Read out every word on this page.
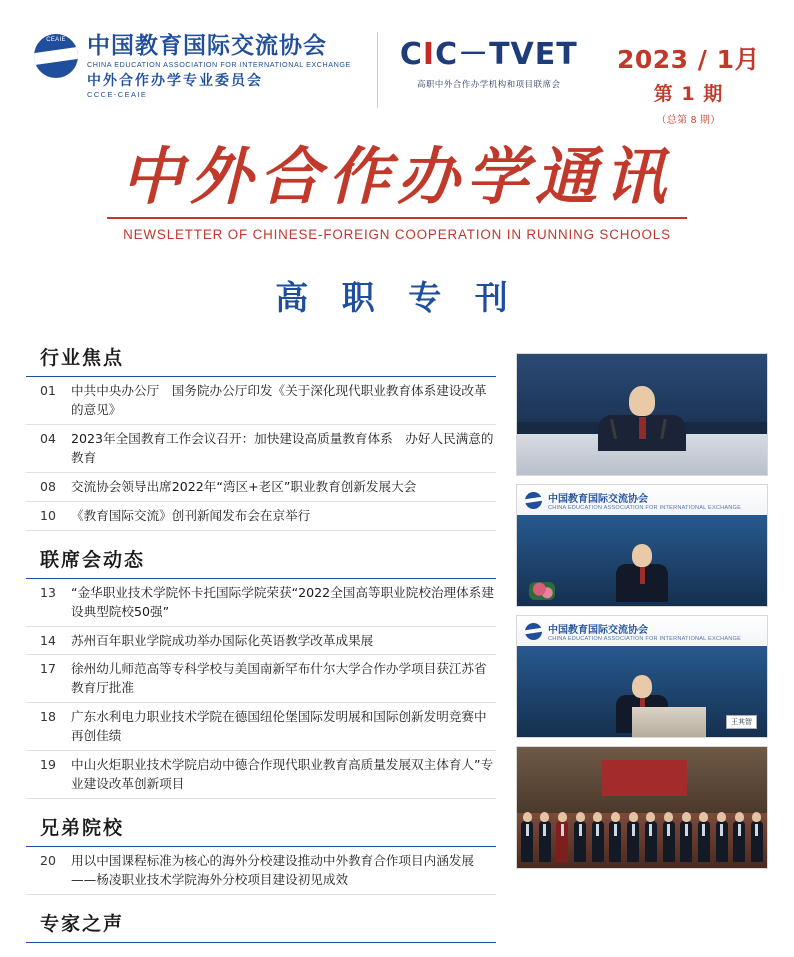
CEAIE 中国教育国际交流协会
CHINA EDUCATION ASSOCIATION FOR INTERNATIONAL EXCHANGE
中外合作办学专业委员会
CCCE-CEAIE
CIC－TVET
高职中外合作办学机构和项目联席会
2023 / 1月
第 1 期
（总第 8 期）
中外合作办学通讯
NEWSLETTER OF CHINESE-FOREIGN COOPERATION IN RUNNING SCHOOLS
高 职 专 刊
行业焦点
01	中共中央办公厅　国务院办公厅印发《关于深化现代职业教育体系建设改革的意见》
04	2023年全国教育工作会议召开：加快建设高质量教育体系　办好人民满意的教育
08	交流协会领导出席2022年“湾区+老区”职业教育创新发展大会
10	《教育国际交流》创刊新闻发布会在京举行
联席会动态
13	“金华职业技术学院怀卡托国际学院荣获“2022全国高等职业院校治理体系建设典型院校50强”
14	苏州百年职业学院成功举办国际化英语教学改革成果展
17	徐州幼儿师范高等专科学校与美国南新罕布什尔大学合作办学项目获江苏省教育厅批准
18	广东水利电力职业技术学院在德国纽伦堡国际发明展和国际创新发明竞赛中再创佳绩
19	中山火炬职业技术学院启动中德合作现代职业教育高质量发展双主体育人”专业建设改革创新项目
兄弟院校
20	用以中国课程标准为核心的海外分校建设推动中外教育合作项目内涵发展——杨凌职业技术学院海外分校项目建设初见成效
专家之声
中国教育国际交流协会
CHINA EDUCATION ASSOCIATION FOR INTERNATIONAL EXCHANGE
中国教育国际交流协会
CHINA EDUCATION ASSOCIATION FOR INTERNATIONAL EXCHANGE
王其智
